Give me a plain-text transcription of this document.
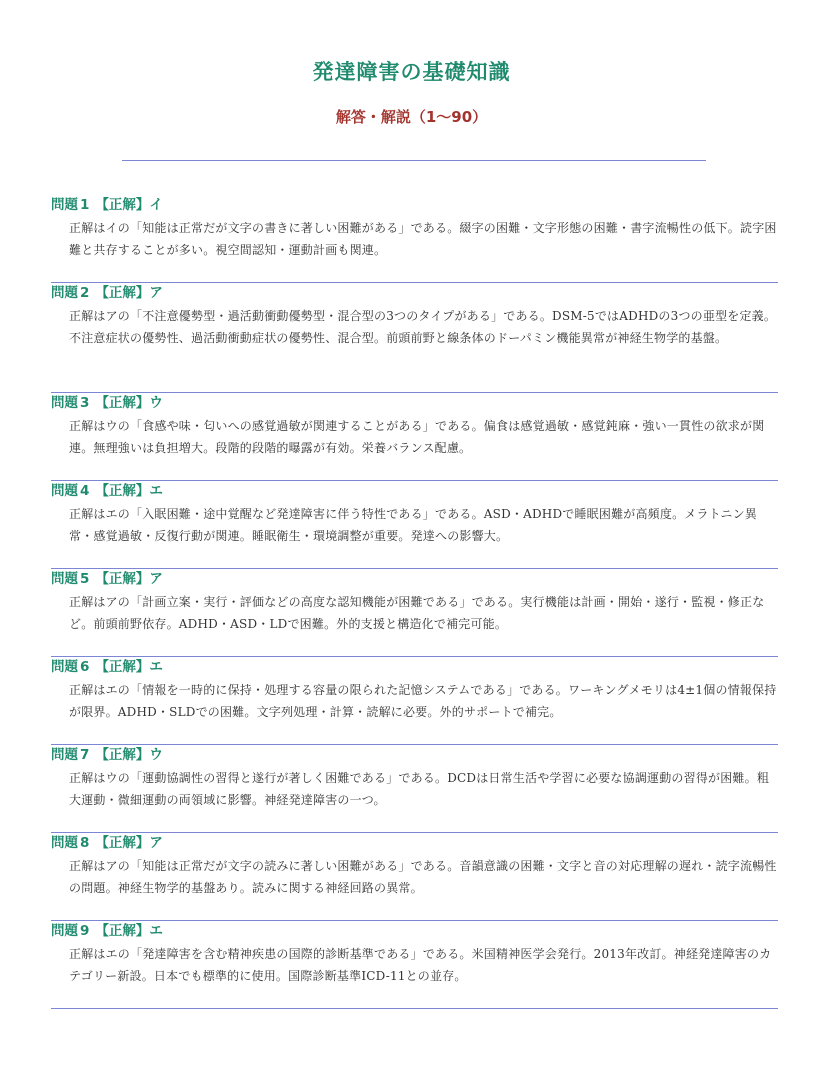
発達障害の基礎知識
解答・解説（1〜90）
問題 1 【正解】イ
正解はイの「知能は正常だが文字の書きに著しい困難がある」である。綴字の困難・文字形態の困難・書字流暢性の低下。読字困難と共存することが多い。視空間認知・運動計画も関連。
問題 2 【正解】ア
正解はアの「不注意優勢型・過活動衝動優勢型・混合型の3つのタイプがある」である。DSM-5ではADHDの3つの亜型を定義。不注意症状の優勢性、過活動衝動症状の優勢性、混合型。前頭前野と線条体のドーパミン機能異常が神経生物学的基盤。
問題 3 【正解】ウ
正解はウの「食感や味・匂いへの感覚過敏が関連することがある」である。偏食は感覚過敏・感覚鈍麻・強い一貫性の欲求が関連。無理強いは負担増大。段階的段階的曝露が有効。栄養バランス配慮。
問題 4 【正解】エ
正解はエの「入眠困難・途中覚醒など発達障害に伴う特性である」である。ASD・ADHDで睡眠困難が高頻度。メラトニン異常・感覚過敏・反復行動が関連。睡眠衛生・環境調整が重要。発達への影響大。
問題 5 【正解】ア
正解はアの「計画立案・実行・評価などの高度な認知機能が困難である」である。実行機能は計画・開始・遂行・監視・修正など。前頭前野依存。ADHD・ASD・LDで困難。外的支援と構造化で補完可能。
問題 6 【正解】エ
正解はエの「情報を一時的に保持・処理する容量の限られた記憶システムである」である。ワーキングメモリは4±1個の情報保持が限界。ADHD・SLDでの困難。文字列処理・計算・読解に必要。外的サポートで補完。
問題 7 【正解】ウ
正解はウの「運動協調性の習得と遂行が著しく困難である」である。DCDは日常生活や学習に必要な協調運動の習得が困難。粗大運動・微細運動の両領域に影響。神経発達障害の一つ。
問題 8 【正解】ア
正解はアの「知能は正常だが文字の読みに著しい困難がある」である。音韻意識の困難・文字と音の対応理解の遅れ・読字流暢性の問題。神経生物学的基盤あり。読みに関する神経回路の異常。
問題 9 【正解】エ
正解はエの「発達障害を含む精神疾患の国際的診断基準である」である。米国精神医学会発行。2013年改訂。神経発達障害のカテゴリー新設。日本でも標準的に使用。国際診断基準ICD-11との並存。
